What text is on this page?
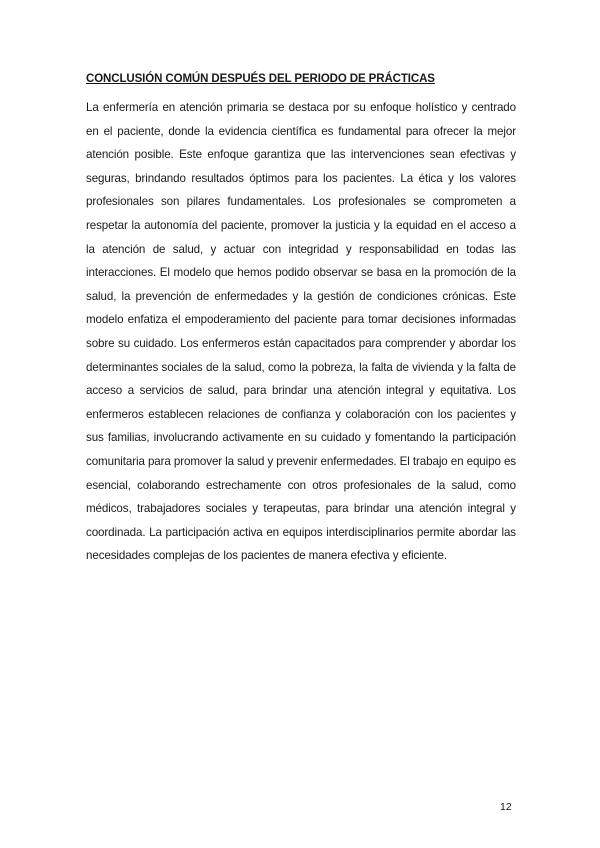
CONCLUSIÓN COMÚN DESPUÉS DEL PERIODO DE PRÁCTICAS

La enfermería en atención primaria se destaca por su enfoque holístico y centrado en el paciente, donde la evidencia científica es fundamental para ofrecer la mejor atención posible. Este enfoque garantiza que las intervenciones sean efectivas y seguras, brindando resultados óptimos para los pacientes. La ética y los valores profesionales son pilares fundamentales. Los profesionales se comprometen a respetar la autonomía del paciente, promover la justicia y la equidad en el acceso a la atención de salud, y actuar con integridad y responsabilidad en todas las interacciones. El modelo que hemos podido observar se basa en la promoción de la salud, la prevención de enfermedades y la gestión de condiciones crónicas. Este modelo enfatiza el empoderamiento del paciente para tomar decisiones informadas sobre su cuidado. Los enfermeros están capacitados para comprender y abordar los determinantes sociales de la salud, como la pobreza, la falta de vivienda y la falta de acceso a servicios de salud, para brindar una atención integral y equitativa. Los enfermeros establecen relaciones de confianza y colaboración con los pacientes y sus familias, involucrando activamente en su cuidado y fomentando la participación comunitaria para promover la salud y prevenir enfermedades. El trabajo en equipo es esencial, colaborando estrechamente con otros profesionales de la salud, como médicos, trabajadores sociales y terapeutas, para brindar una atención integral y coordinada. La participación activa en equipos interdisciplinarios permite abordar las necesidades complejas de los pacientes de manera efectiva y eficiente.

12
